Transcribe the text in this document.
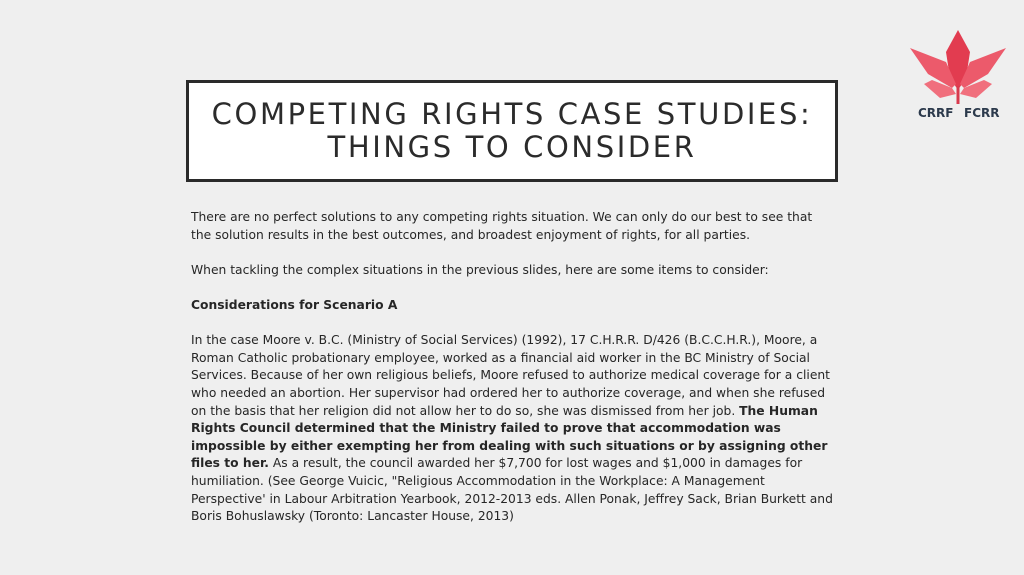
COMPETING RIGHTS CASE STUDIES:
THINGS TO CONSIDER
CRRF FCRR

There are no perfect solutions to any competing rights situation. We can only do our best to see that the solution results in the best outcomes, and broadest enjoyment of rights, for all parties.

When tackling the complex situations in the previous slides, here are some items to consider:

Considerations for Scenario A

In the case Moore v. B.C. (Ministry of Social Services) (1992), 17 C.H.R.R. D/426 (B.C.C.H.R.), Moore, a Roman Catholic probationary employee, worked as a financial aid worker in the BC Ministry of Social Services. Because of her own religious beliefs, Moore refused to authorize medical coverage for a client who needed an abortion. Her supervisor had ordered her to authorize coverage, and when she refused on the basis that her religion did not allow her to do so, she was dismissed from her job. The Human Rights Council determined that the Ministry failed to prove that accommodation was impossible by either exempting her from dealing with such situations or by assigning other files to her. As a result, the council awarded her $7,700 for lost wages and $1,000 in damages for humiliation. (See George Vuicic, "Religious Accommodation in the Workplace: A Management Perspective' in Labour Arbitration Yearbook, 2012-2013 eds. Allen Ponak, Jeffrey Sack, Brian Burkett and Boris Bohuslawsky (Toronto: Lancaster House, 2013)
